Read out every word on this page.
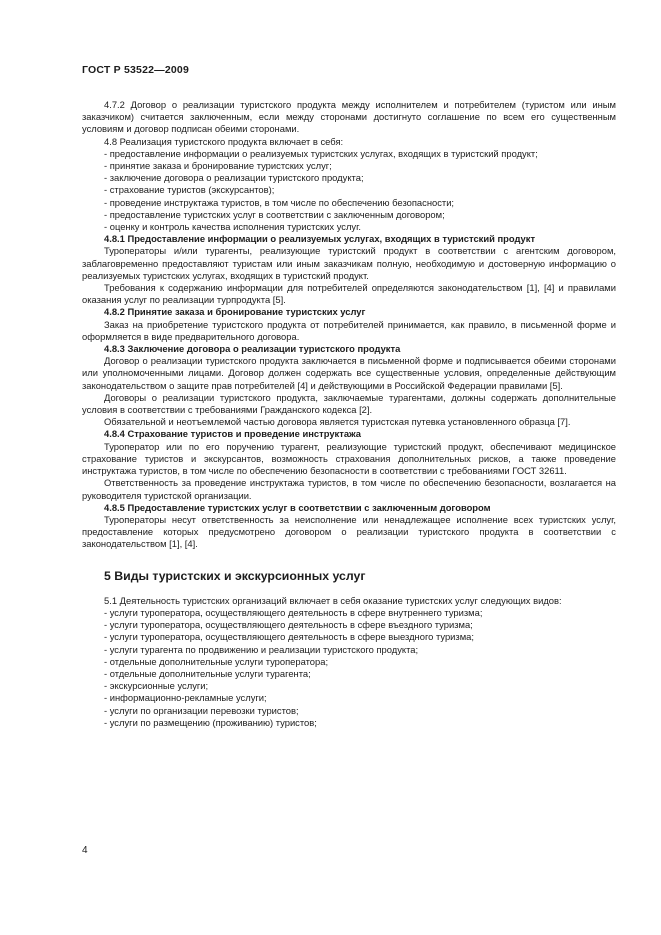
ГОСТ Р 53522—2009

4.7.2 Договор о реализации туристского продукта между исполнителем и потребителем (туристом или иным заказчиком) считается заключенным, если между сторонами достигнуто соглашение по всем его существенным условиям и договор подписан обеими сторонами.

4.8 Реализация туристского продукта включает в себя:

- предоставление информации о реализуемых туристских услугах, входящих в туристский продукт;

- принятие заказа и бронирование туристских услуг;

- заключение договора о реализации туристского продукта;

- страхование туристов (экскурсантов);

- проведение инструктажа туристов, в том числе по обеспечению безопасности;

- предоставление туристских услуг в соответствии с заключенным договором;

- оценку и контроль качества исполнения туристских услуг.

4.8.1 Предоставление информации о реализуемых услугах, входящих в туристский продукт

Туроператоры и/или турагенты, реализующие туристский продукт в соответствии с агентским договором, заблаговременно предоставляют туристам или иным заказчикам полную, необходимую и достоверную информацию о реализуемых туристских услугах, входящих в туристский продукт.

Требования к содержанию информации для потребителей определяются законодательством [1], [4] и правилами оказания услуг по реализации турпродукта [5].

4.8.2 Принятие заказа и бронирование туристских услуг

Заказ на приобретение туристского продукта от потребителей принимается, как правило, в письменной форме и оформляется в виде предварительного договора.

4.8.3 Заключение договора о реализации туристского продукта

Договор о реализации туристского продукта заключается в письменной форме и подписывается обеими сторонами или уполномоченными лицами. Договор должен содержать все существенные условия, определенные действующим законодательством о защите прав потребителей [4] и действующими в Российской Федерации правилами [5].

Договоры о реализации туристского продукта, заключаемые турагентами, должны содержать дополнительные условия в соответствии с требованиями Гражданского кодекса [2].

Обязательной и неотъемлемой частью договора является туристская путевка установленного образца [7].

4.8.4 Страхование туристов и проведение инструктажа

Туроператор или по его поручению турагент, реализующие туристский продукт, обеспечивают медицинское страхование туристов и экскурсантов, возможность страхования дополнительных рисков, а также проведение инструктажа туристов, в том числе по обеспечению безопасности в соответствии с требованиями ГОСТ 32611.

Ответственность за проведение инструктажа туристов, в том числе по обеспечению безопасности, возлагается на руководителя туристской организации.

4.8.5 Предоставление туристских услуг в соответствии с заключенным договором

Туроператоры несут ответственность за неисполнение или ненадлежащее исполнение всех туристских услуг, предоставление которых предусмотрено договором о реализации туристского продукта в соответствии с законодательством [1], [4].

5 Виды туристских и экскурсионных услуг

5.1 Деятельность туристских организаций включает в себя оказание туристских услуг следующих видов:

- услуги туроператора, осуществляющего деятельность в сфере внутреннего туризма;

- услуги туроператора, осуществляющего деятельность в сфере въездного туризма;

- услуги туроператора, осуществляющего деятельность в сфере выездного туризма;

- услуги турагента по продвижению и реализации туристского продукта;

- отдельные дополнительные услуги туроператора;

- отдельные дополнительные услуги турагента;

- экскурсионные услуги;

- информационно-рекламные услуги;

- услуги по организации перевозки туристов;

- услуги по размещению (проживанию) туристов;

4
